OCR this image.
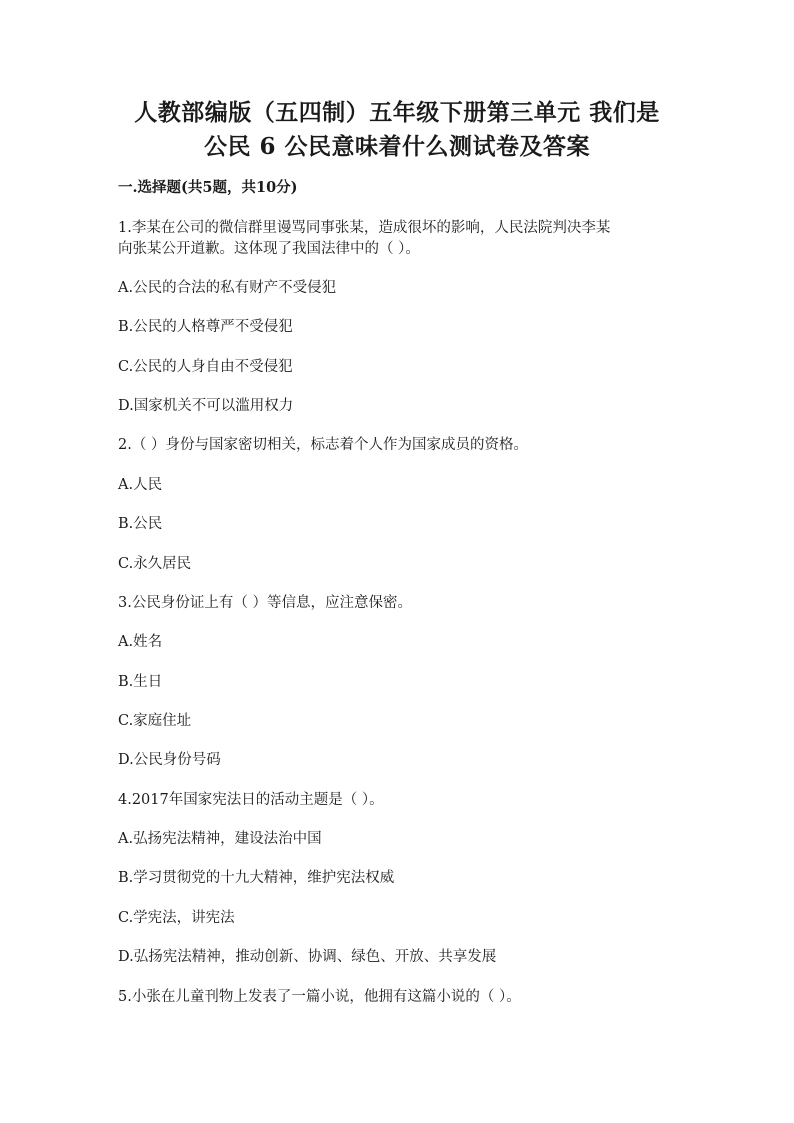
人教部编版（五四制）五年级下册第三单元 我们是
公民 6 公民意味着什么测试卷及答案

一.选择题(共5题，共10分)

1.李某在公司的微信群里谩骂同事张某，造成很坏的影响，人民法院判决李某

向张某公开道歉。这体现了我国法律中的（ ）。

A.公民的合法的私有财产不受侵犯

B.公民的人格尊严不受侵犯

C.公民的人身自由不受侵犯

D.国家机关不可以滥用权力

2.（ ）身份与国家密切相关，标志着个人作为国家成员的资格。

A.人民

B.公民

C.永久居民

3.公民身份证上有（ ）等信息，应注意保密。

A.姓名

B.生日

C.家庭住址

D.公民身份号码

4.2017年国家宪法日的活动主题是（ ）。

A.弘扬宪法精神，建设法治中国

B.学习贯彻党的十九大精神，维护宪法权威

C.学宪法，讲宪法

D.弘扬宪法精神，推动创新、协调、绿色、开放、共享发展

5.小张在儿童刊物上发表了一篇小说，他拥有这篇小说的（ ）。
